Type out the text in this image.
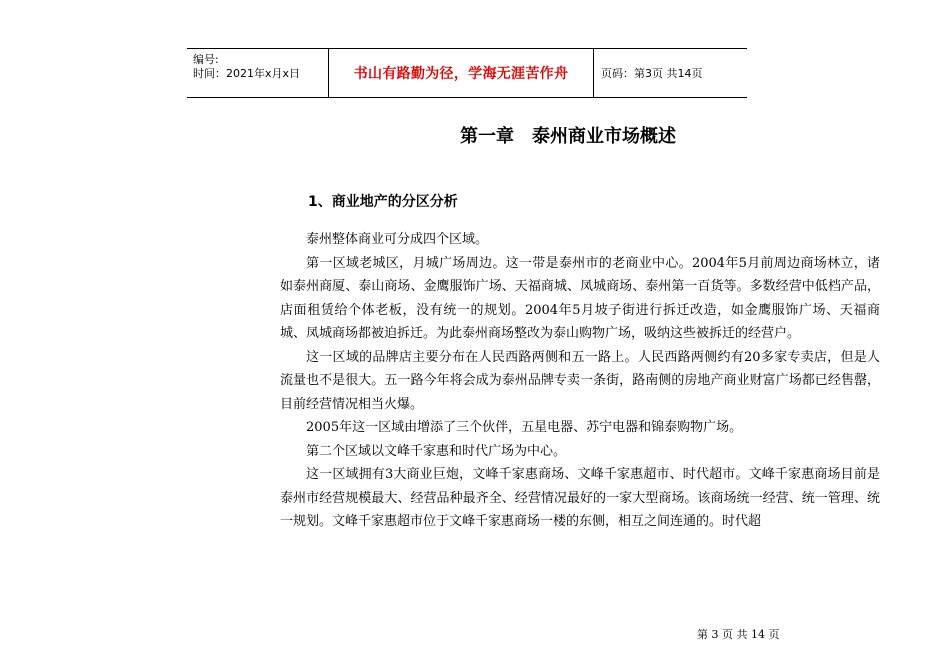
编号:
时间：2021年x月x日	书山有路勤为径，学海无涯苦作舟	页码：第3页 共14页
第一章　泰州商业市场概述
1、商业地产的分区分析

泰州整体商业可分成四个区域。

第一区域老城区，月城广场周边。这一带是泰州市的老商业中心。2004年5月前周边商场林立，诸如泰州商厦、泰山商场、金鹰服饰广场、天福商城、凤城商场、泰州第一百货等。多数经营中低档产品，店面租赁给个体老板，没有统一的规划。2004年5月坡子街进行拆迁改造，如金鹰服饰广场、天福商城、凤城商场都被迫拆迁。为此泰州商场整改为泰山购物广场，吸纳这些被拆迁的经营户。

这一区域的品牌店主要分布在人民西路两侧和五一路上。人民西路两侧约有20多家专卖店，但是人流量也不是很大。五一路今年将会成为泰州品牌专卖一条街，路南侧的房地产商业财富广场都已经售罄，目前经营情况相当火爆。

2005年这一区域由增添了三个伙伴，五星电器、苏宁电器和锦泰购物广场。

第二个区域以文峰千家惠和时代广场为中心。

这一区域拥有3大商业巨炮，文峰千家惠商场、文峰千家惠超市、时代超市。文峰千家惠商场目前是泰州市经营规模最大、经营品种最齐全、经营情况最好的一家大型商场。该商场统一经营、统一管理、统一规划。文峰千家惠超市位于文峰千家惠商场一楼的东侧，相互之间连通的。时代超

第 3 页 共 14 页
